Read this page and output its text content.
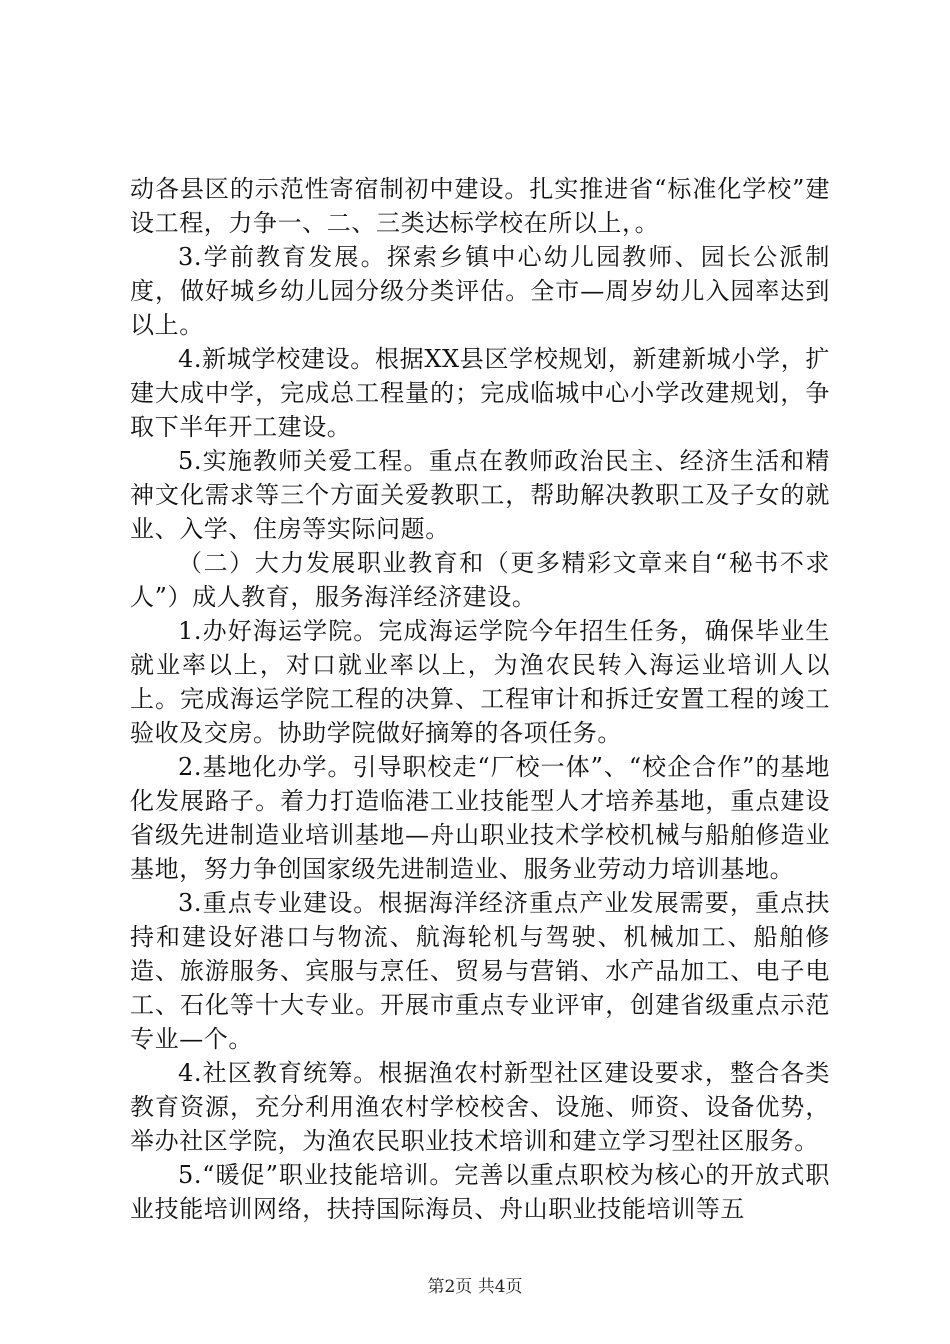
动各县区的示范性寄宿制初中建设。扎实推进省“标准化学校”建设工程，力争一、二、三类达标学校在所以上，。

3.学前教育发展。探索乡镇中心幼儿园教师、园长公派制度，做好城乡幼儿园分级分类评估。全市—周岁幼儿入园率达到以上。

4.新城学校建设。根据XX县区学校规划，新建新城小学，扩建大成中学，完成总工程量的；完成临城中心小学改建规划，争取下半年开工建设。

5.实施教师关爱工程。重点在教师政治民主、经济生活和精神文化需求等三个方面关爱教职工，帮助解决教职工及子女的就业、入学、住房等实际问题。

（二）大力发展职业教育和（更多精彩文章来自“秘书不求人”）成人教育，服务海洋经济建设。

1.办好海运学院。完成海运学院今年招生任务，确保毕业生就业率以上，对口就业率以上，为渔农民转入海运业培训人以上。完成海运学院工程的决算、工程审计和拆迁安置工程的竣工验收及交房。协助学院做好摘筹的各项任务。

2.基地化办学。引导职校走“厂校一体”、“校企合作”的基地化发展路子。着力打造临港工业技能型人才培养基地，重点建设省级先进制造业培训基地—舟山职业技术学校机械与船舶修造业基地，努力争创国家级先进制造业、服务业劳动力培训基地。

3.重点专业建设。根据海洋经济重点产业发展需要，重点扶持和建设好港口与物流、航海轮机与驾驶、机械加工、船舶修造、旅游服务、宾服与烹任、贸易与营销、水产品加工、电子电工、石化等十大专业。开展市重点专业评审，创建省级重点示范专业—个。

4.社区教育统筹。根据渔农村新型社区建设要求，整合各类教育资源，充分利用渔农村学校校舍、设施、师资、设备优势，举办社区学院，为渔农民职业技术培训和建立学习型社区服务。

5.“暖促”职业技能培训。完善以重点职校为核心的开放式职业技能培训网络，扶持国际海员、舟山职业技能培训等五

第2页 共4页
